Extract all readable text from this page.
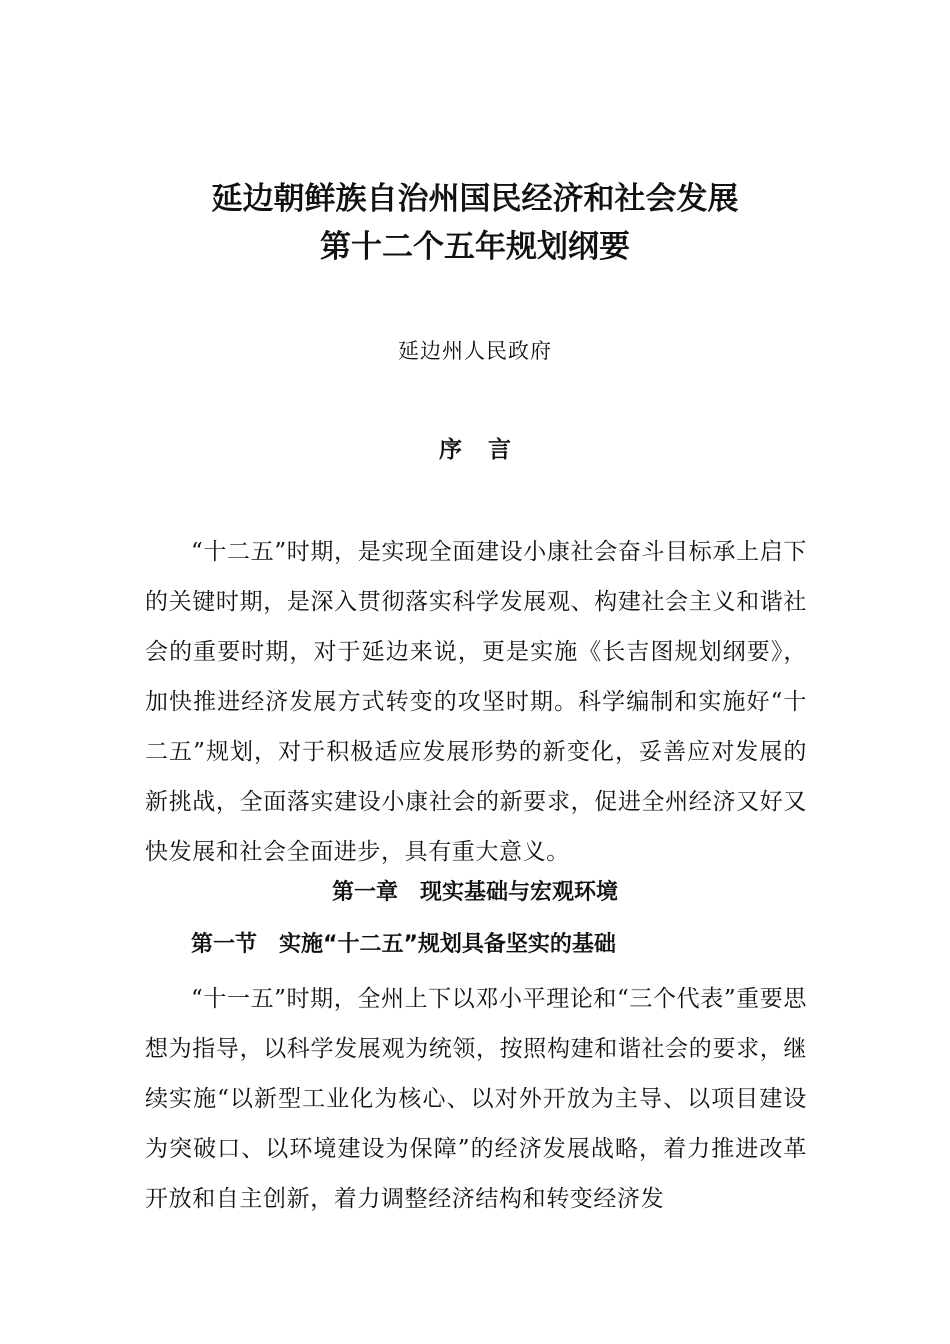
延边朝鲜族自治州国民经济和社会发展
第十二个五年规划纲要
延边州人民政府
序 言

“十二五”时期，是实现全面建设小康社会奋斗目标承上启下的关键时期，是深入贯彻落实科学发展观、构建社会主义和谐社会的重要时期，对于延边来说，更是实施《长吉图规划纲要》，加快推进经济发展方式转变的攻坚时期。科学编制和实施好“十二五”规划，对于积极适应发展形势的新变化，妥善应对发展的新挑战，全面落实建设小康社会的新要求，促进全州经济又好又快发展和社会全面进步，具有重大意义。

第一章 现实基础与宏观环境
第一节 实施“十二五”规划具备坚实的基础

“十一五”时期，全州上下以邓小平理论和“三个代表”重要思想为指导，以科学发展观为统领，按照构建和谐社会的要求，继续实施“以新型工业化为核心、以对外开放为主导、以项目建设为突破口、以环境建设为保障”的经济发展战略，着力推进改革开放和自主创新，着力调整经济结构和转变经济发
